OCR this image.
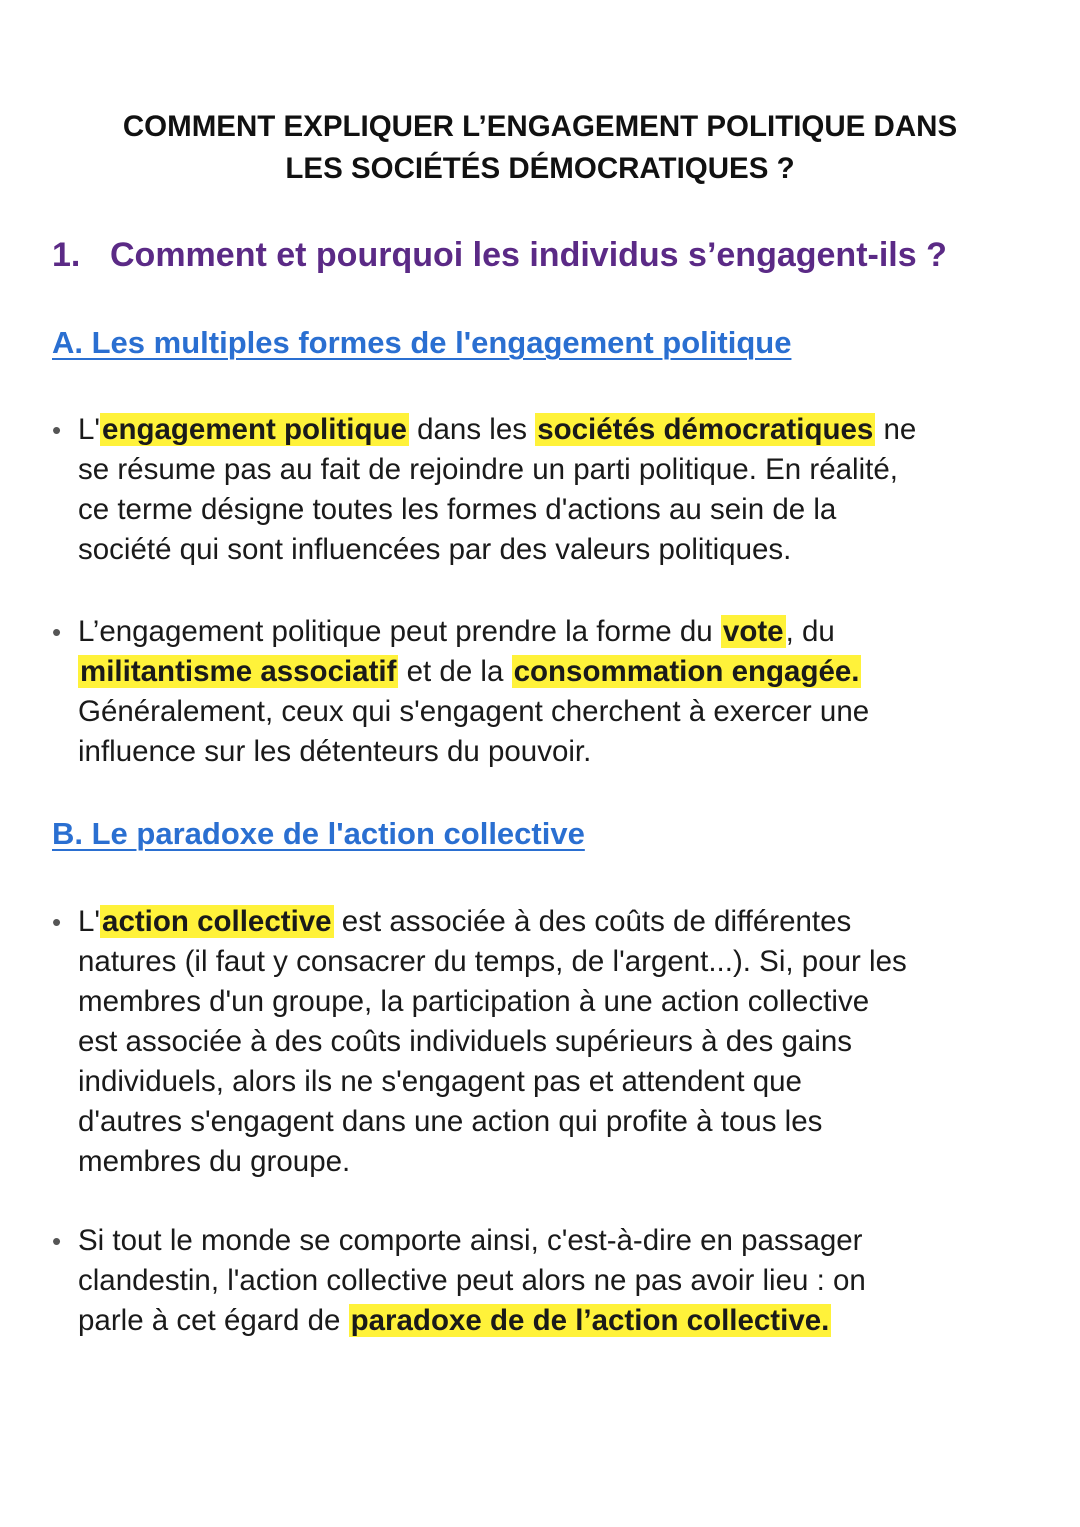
COMMENT EXPLIQUER L’ENGAGEMENT POLITIQUE DANS
LES SOCIÉTÉS DÉMOCRATIQUES ?
1. Comment et pourquoi les individus s’engagent-ils ?
A. Les multiples formes de l'engagement politique
• L'engagement politique dans les sociétés démocratiques ne
se résume pas au fait de rejoindre un parti politique. En réalité,
ce terme désigne toutes les formes d'actions au sein de la
société qui sont influencées par des valeurs politiques.
• L’engagement politique peut prendre la forme du vote, du
militantisme associatif et de la consommation engagée.
Généralement, ceux qui s'engagent cherchent à exercer une
influence sur les détenteurs du pouvoir.
B. Le paradoxe de l'action collective
• L'action collective est associée à des coûts de différentes
natures (il faut y consacrer du temps, de l'argent...). Si, pour les
membres d'un groupe, la participation à une action collective
est associée à des coûts individuels supérieurs à des gains
individuels, alors ils ne s'engagent pas et attendent que
d'autres s'engagent dans une action qui profite à tous les
membres du groupe.
• Si tout le monde se comporte ainsi, c'est-à-dire en passager
clandestin, l'action collective peut alors ne pas avoir lieu : on
parle à cet égard de paradoxe de de l’action collective.
